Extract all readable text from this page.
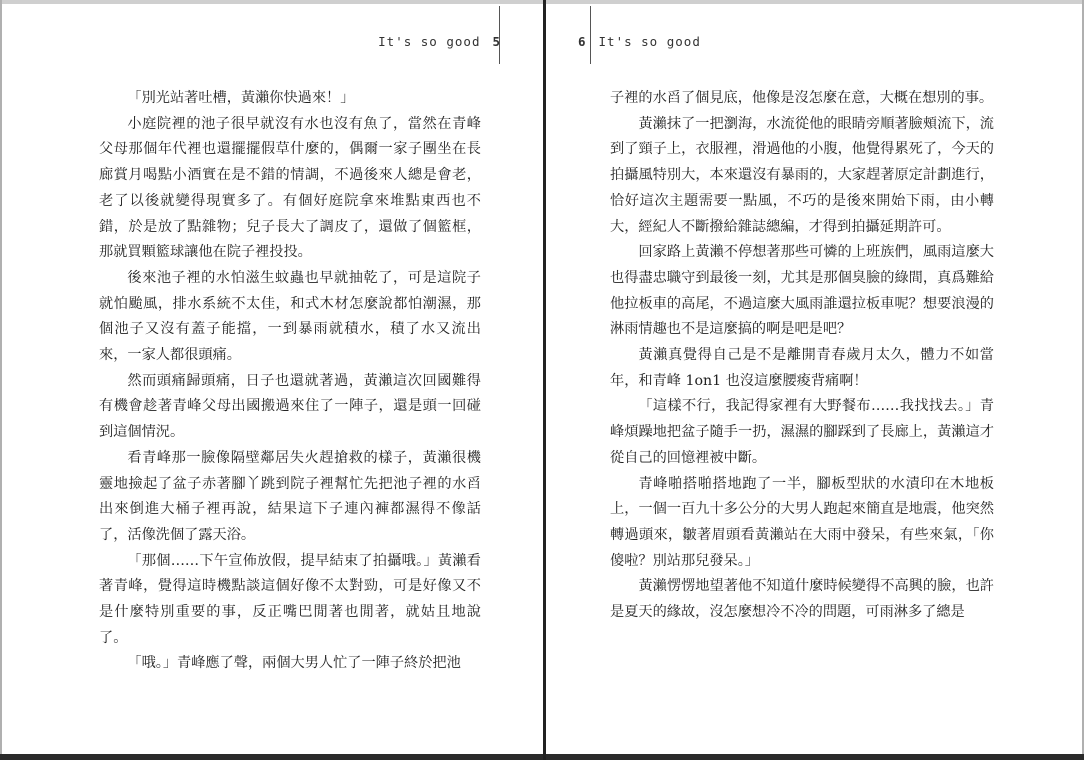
It's so good 5

「別光站著吐槽，黃瀨你快過來！」

小庭院裡的池子很早就沒有水也沒有魚了，當然在青峰父母那個年代裡也還擺擺假草什麼的，偶爾一家子團坐在長廊賞月喝點小酒實在是不錯的情調，不過後來人總是會老，老了以後就變得現實多了。有個好庭院拿來堆點東西也不錯，於是放了點雜物；兒子長大了調皮了，還做了個籃框，那就買顆籃球讓他在院子裡投投。

後來池子裡的水怕滋生蚊蟲也早就抽乾了，可是這院子就怕颱風，排水系統不太佳，和式木材怎麼說都怕潮濕，那個池子又沒有蓋子能擋，一到暴雨就積水，積了水又流出來，一家人都很頭痛。

然而頭痛歸頭痛，日子也還就著過，黃瀨這次回國難得有機會趁著青峰父母出國搬過來住了一陣子，還是頭一回碰到這個情況。

看青峰那一臉像隔壁鄰居失火趕搶救的樣子，黃瀨很機靈地撿起了盆子赤著腳丫跳到院子裡幫忙先把池子裡的水舀出來倒進大桶子裡再說，結果這下子連內褲都濕得不像話了，活像洗個了露天浴。

「那個……下午宣佈放假，提早結束了拍攝哦。」黃瀨看著青峰，覺得這時機點談這個好像不太對勁，可是好像又不是什麼特別重要的事，反正嘴巴閒著也閒著，就姑且地說了。

「哦。」青峰應了聲，兩個大男人忙了一陣子終於把池

6 It's so good

子裡的水舀了個見底，他像是沒怎麼在意，大概在想別的事。

黃瀨抹了一把瀏海，水流從他的眼睛旁順著臉頰流下，流到了頸子上，衣服裡，滑過他的小腹，他覺得累死了，今天的拍攝風特別大，本來還沒有暴雨的，大家趕著原定計劃進行，恰好這次主題需要一點風，不巧的是後來開始下雨，由小轉大，經紀人不斷撥給雜誌總編，才得到拍攝延期許可。

回家路上黃瀨不停想著那些可憐的上班族們，風雨這麼大也得盡忠職守到最後一刻，尤其是那個臭臉的綠間，真爲難給他拉板車的高尾，不過這麼大風雨誰還拉板車呢？想要浪漫的淋雨情趣也不是這麼搞的啊是吧是吧？

黃瀨真覺得自己是不是離開青春歲月太久，體力不如當年，和青峰 1on1 也沒這麼腰痠背痛啊！

「這樣不行，我記得家裡有大野餐布……我找找去。」青峰煩躁地把盆子隨手一扔，濕濕的腳踩到了長廊上，黃瀨這才從自己的回憶裡被中斷。

青峰啪搭啪搭地跑了一半，腳板型狀的水漬印在木地板上，一個一百九十多公分的大男人跑起來簡直是地震，他突然轉過頭來，皺著眉頭看黃瀨站在大雨中發呆，有些來氣，「你傻啦？別站那兒發呆。」

黃瀨愣愣地望著他不知道什麼時候變得不高興的臉，也許是夏天的緣故，沒怎麼想冷不冷的問題，可雨淋多了總是
